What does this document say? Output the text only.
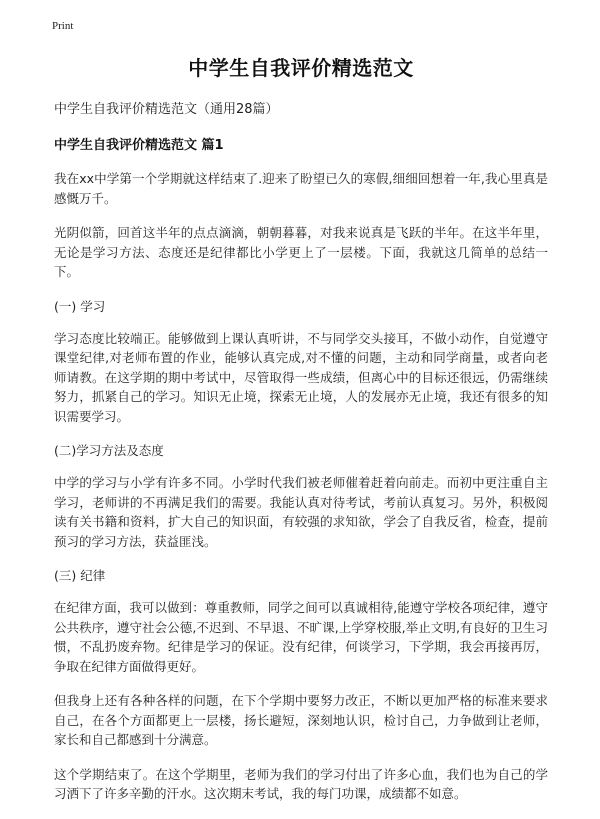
Print
中学生自我评价精选范文
中学生自我评价精选范文（通用28篇）
中学生自我评价精选范文 篇1

我在xx中学第一个学期就这样结束了.迎来了盼望已久的寒假,细细回想着一年,我心里真是感慨万千。

光阴似箭，回首这半年的点点滴滴，朝朝暮暮，对我来说真是飞跃的半年。在这半年里，无论是学习方法、态度还是纪律都比小学更上了一层楼。下面，我就这几简单的总结一下。

(一) 学习

学习态度比较端正。能够做到上课认真听讲，不与同学交头接耳，不做小动作，自觉遵守课堂纪律,对老师布置的作业，能够认真完成,对不懂的问题，主动和同学商量，或者向老师请教。在这学期的期中考试中，尽管取得一些成绩，但离心中的目标还很远，仍需继续努力，抓紧自己的学习。知识无止境，探索无止境，人的发展亦无止境，我还有很多的知识需要学习。

(二)学习方法及态度

中学的学习与小学有许多不同。小学时代我们被老师催着赶着向前走。而初中更注重自主学习，老师讲的不再满足我们的需要。我能认真对待考试，考前认真复习。另外，积极阅读有关书籍和资料，扩大自己的知识面，有较强的求知欲，学会了自我反省，检查，提前预习的学习方法，获益匪浅。

(三) 纪律

在纪律方面，我可以做到：尊重教师，同学之间可以真诚相待,能遵守学校各项纪律，遵守公共秩序，遵守社会公德,不迟到、不早退、不旷课,上学穿校服,举止文明,有良好的卫生习惯，不乱扔废弃物。纪律是学习的保证。没有纪律，何谈学习，下学期，我会再接再厉，争取在纪律方面做得更好。

但我身上还有各种各样的问题，在下个学期中要努力改正，不断以更加严格的标准来要求自己，在各个方面都更上一层楼，扬长避短，深刻地认识，检讨自己，力争做到让老师，家长和自己都感到十分满意。

这个学期结束了。在这个学期里，老师为我们的学习付出了许多心血，我们也为自己的学习洒下了许多辛勤的汗水。这次期末考试，我的每门功课，成绩都不如意。
